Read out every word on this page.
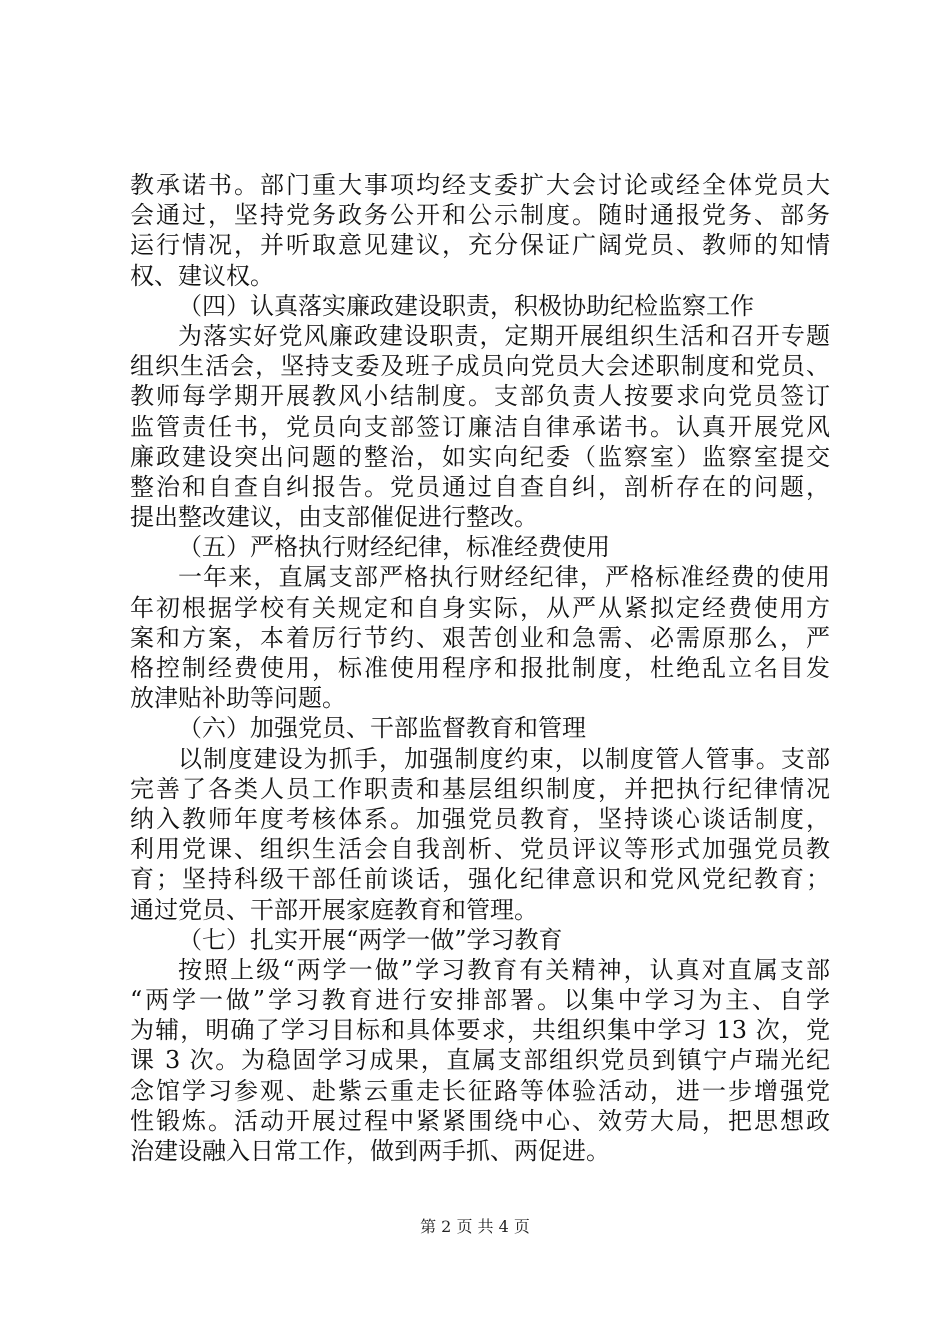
教承诺书。部门重大事项均经支委扩大会讨论或经全体党员大
会通过，坚持党务政务公开和公示制度。随时通报党务、部务
运行情况，并听取意见建议，充分保证广阔党员、教师的知情
权、建议权。
（四）认真落实廉政建设职责，积极协助纪检监察工作
为落实好党风廉政建设职责，定期开展组织生活和召开专题
组织生活会，坚持支委及班子成员向党员大会述职制度和党员、
教师每学期开展教风小结制度。支部负责人按要求向党员签订
监管责任书，党员向支部签订廉洁自律承诺书。认真开展党风
廉政建设突出问题的整治，如实向纪委（监察室）监察室提交
整治和自查自纠报告。党员通过自查自纠，剖析存在的问题，
提出整改建议，由支部催促进行整改。
（五）严格执行财经纪律，标准经费使用
一年来，直属支部严格执行财经纪律，严格标准经费的使用
年初根据学校有关规定和自身实际，从严从紧拟定经费使用方
案和方案，本着厉行节约、艰苦创业和急需、必需原那么，严
格控制经费使用，标准使用程序和报批制度，杜绝乱立名目发
放津贴补助等问题。
（六）加强党员、干部监督教育和管理
以制度建设为抓手，加强制度约束，以制度管人管事。支部
完善了各类人员工作职责和基层组织制度，并把执行纪律情况
纳入教师年度考核体系。加强党员教育，坚持谈心谈话制度，
利用党课、组织生活会自我剖析、党员评议等形式加强党员教
育；坚持科级干部任前谈话，强化纪律意识和党风党纪教育；
通过党员、干部开展家庭教育和管理。
（七）扎实开展“两学一做”学习教育
按照上级“两学一做”学习教育有关精神，认真对直属支部
“两学一做”学习教育进行安排部署。以集中学习为主、自学
为辅，明确了学习目标和具体要求，共组织集中学习 13 次，党
课 3 次。为稳固学习成果，直属支部组织党员到镇宁卢瑞光纪
念馆学习参观、赴紫云重走长征路等体验活动，进一步增强党
性锻炼。活动开展过程中紧紧围绕中心、效劳大局，把思想政
治建设融入日常工作，做到两手抓、两促进。
第 2 页 共 4 页
